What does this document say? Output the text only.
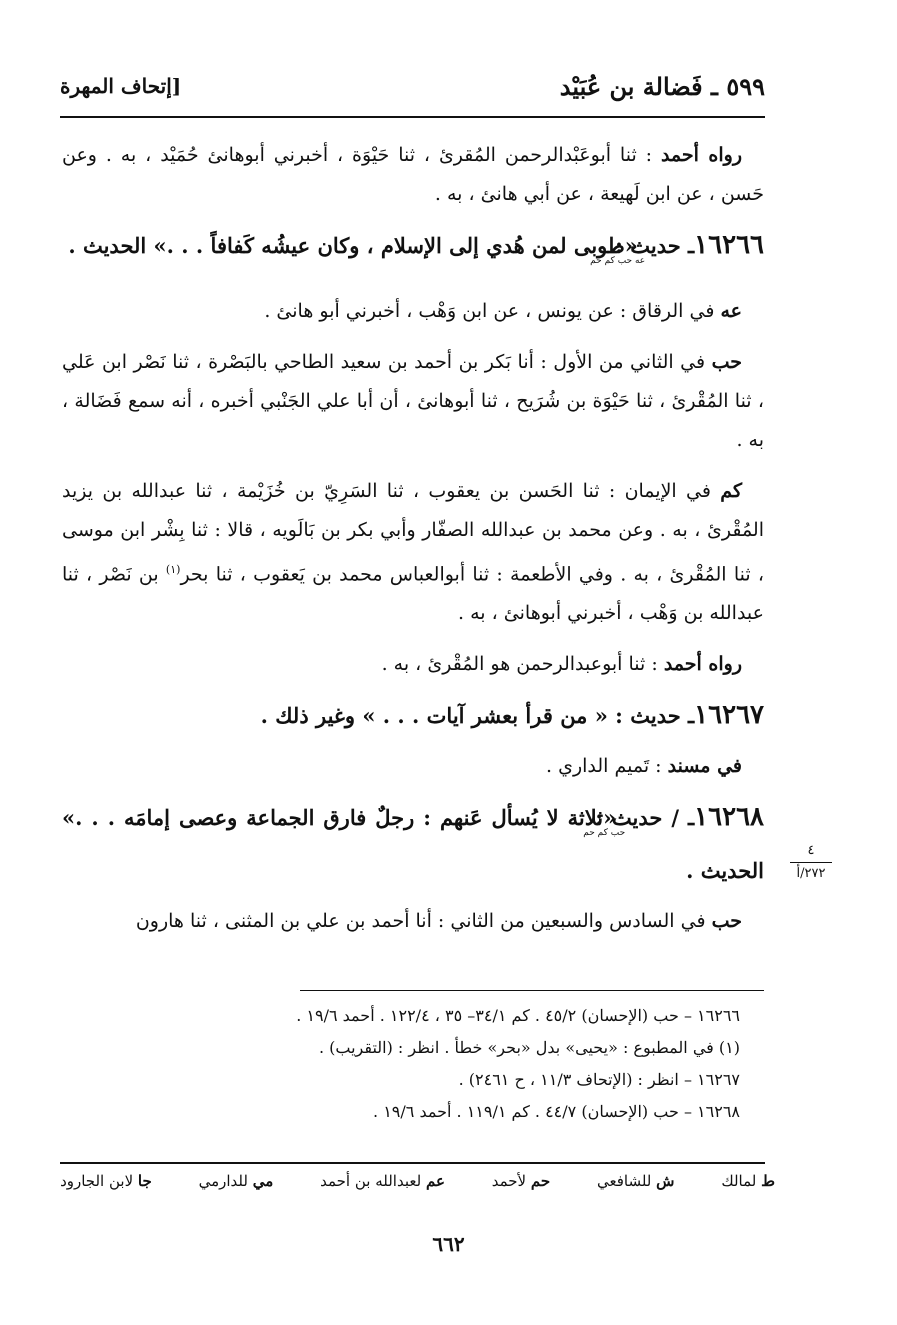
٥٩٩ ـ فَضالة بن عُبَيْد
[إتحاف المهرة

رواه أحمد : ثنا أبوعَبْدالرحمن المُقرئ ، ثنا حَيْوَة ، أخبرني أبوهانئ حُمَيْد ، به . وعن حَسن ، عن ابن لَهيعة ، عن أبي هانئ ، به .

١٦٢٦٦ـ حديث :$^{عه حب كم حم}$ «طوبى لمن هُدي إلى الإسلام ، وكان عيشُه كَفافاً . . .» الحديث .

عه في الرقاق : عن يونس ، عن ابن وَهْب ، أخبرني أبو هانئ .

حب في الثاني من الأول : أنا بَكر بن أحمد بن سعيد الطاحي بالبَصْرة ، ثنا نَصْر ابن عَلي ، ثنا المُقْرئ ، ثنا حَيْوَة بن شُرَيح ، ثنا أبوهانئ ، أن أبا علي الجَنْبي أخبره ، أنه سمع فَضَالة ، به .

كم في الإيمان : ثنا الحَسن بن يعقوب ، ثنا السَرِيّ بن خُزَيْمة ، ثنا عبدالله بن يزيد المُقْرئ ، به . وعن محمد بن عبدالله الصفّار وأبي بكر بن بَالَويه ، قالا : ثنا بِشْر ابن موسى ، ثنا المُقْرئ ، به . وفي الأطعمة : ثنا أبوالعباس محمد بن يَعقوب ، ثنا بحر$^{(١)}$ بن نَصْر ، ثنا عبدالله بن وَهْب ، أخبرني أبوهانئ ، به .

رواه أحمد : ثنا أبوعبدالرحمن هو المُقْرئ ، به .

١٦٢٦٧ـ حديث : « من قرأ بعشر آيات . . . » وغير ذلك .

في مسند : تَميم الداري .

١٦٢٦٨ـ / حديث :$^{حب كم حم}$ «ثلاثة لا يُسأل عَنهم : رجلٌ فارق الجماعة وعصى إمامَه . . .» الحديث .

حب في السادس والسبعين من الثاني : أنا أحمد بن علي بن المثنى ، ثنا هارون

٤
٢٧٢/أ

١٦٢٦٦ – حب (الإحسان) ٤٥/٢ . كم ٣٤/١– ٣٥ ، ١٢٢/٤ . أحمد ١٩/٦ .

(١) في المطبوع : «يحيى» بدل «بحر» خطأ . انظر : (التقريب) .

١٦٢٦٧ – انظر : (الإتحاف ١١/٣ ، ح ٢٤٦١) .

١٦٢٦٨ – حب (الإحسان) ٤٤/٧ . كم ١١٩/١ . أحمد ١٩/٦ .

ط لمالك
ش للشافعي
حم لأحمد
عم لعبدالله بن أحمد
مي للدارمي
جا لابن الجارود
٦٦٢
